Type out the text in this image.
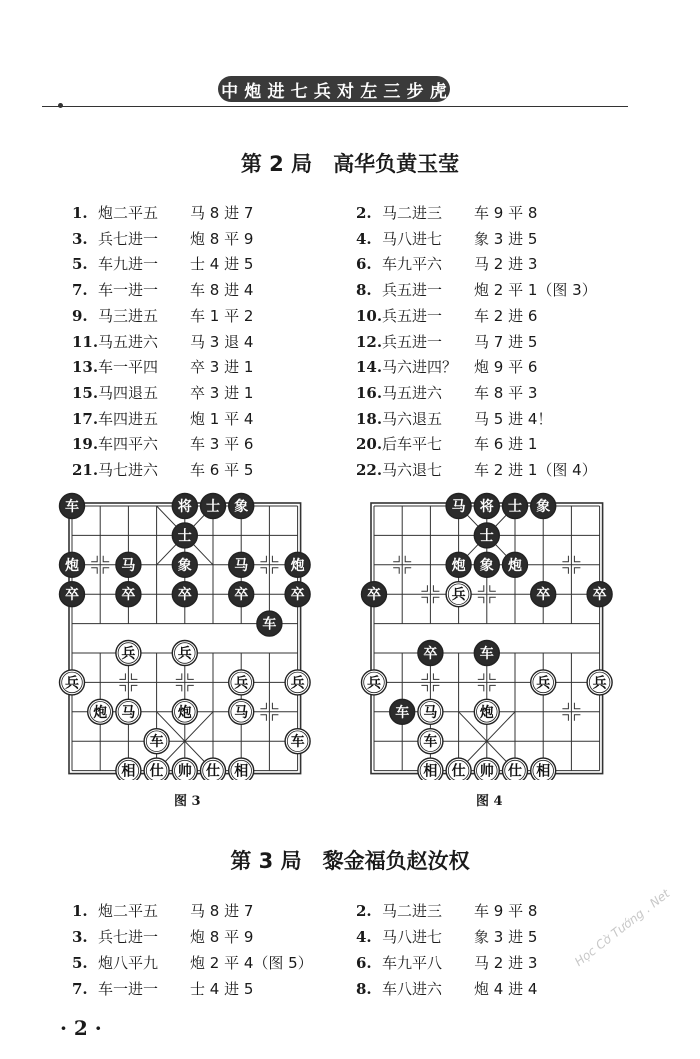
中 炮 进 七 兵 对 左 三 步 虎
第 2 局　高华负黄玉莹
1. 炮二平五 马 8 进 7
3. 兵七进一 炮 8 平 9
5. 车九进一 士 4 进 5
7. 车一进一 车 8 进 4
9. 马三进五 车 1 平 2
11.马五进六 马 3 退 4
13.车一平四 卒 3 进 1
15.马四退五 卒 3 进 1
17.车四进五 炮 1 平 4
19.车四平六 车 3 平 6
21.马七进六 车 6 平 5
2. 马二进三 车 9 平 8
4. 马八进七 象 3 进 5
6. 车九平六 马 2 进 3
8. 兵五进一 炮 2 平 1（图 3）
10.兵五进一 车 2 进 6
12.兵五进一 马 7 进 5
14.马六进四？ 炮 9 平 6
16.马五进六 车 8 平 3
18.马六退五 马 5 进 4！
20.后车平七 车 6 进 1
22.马六退七 车 2 进 1（图 4）
车	将 士 象
士
炮	马	象	马	炮
卒	卒	卒	卒	卒
车
兵	兵
兵	兵	兵
炮 马	炮	马
车	车
相 仕 帅 仕 相
图 3
马 将 士 象
士
炮 象 炮
卒	兵	卒	卒
卒	车
兵	兵	兵
车 马	炮
车
相 仕 帅 仕 相
图 4
第 3 局　黎金福负赵汝权
1. 炮二平五 马 8 进 7
3. 兵七进一 炮 8 平 9
5. 炮八平九 炮 2 平 4（图 5）
7. 车一进一 士 4 进 5
2. 马二进三 车 9 平 8
4. 马八进七 象 3 进 5
6. 车九平八 马 2 进 3
8. 车八进六 炮 4 进 4
· 2 ·
Học Cờ Tướng . Net
